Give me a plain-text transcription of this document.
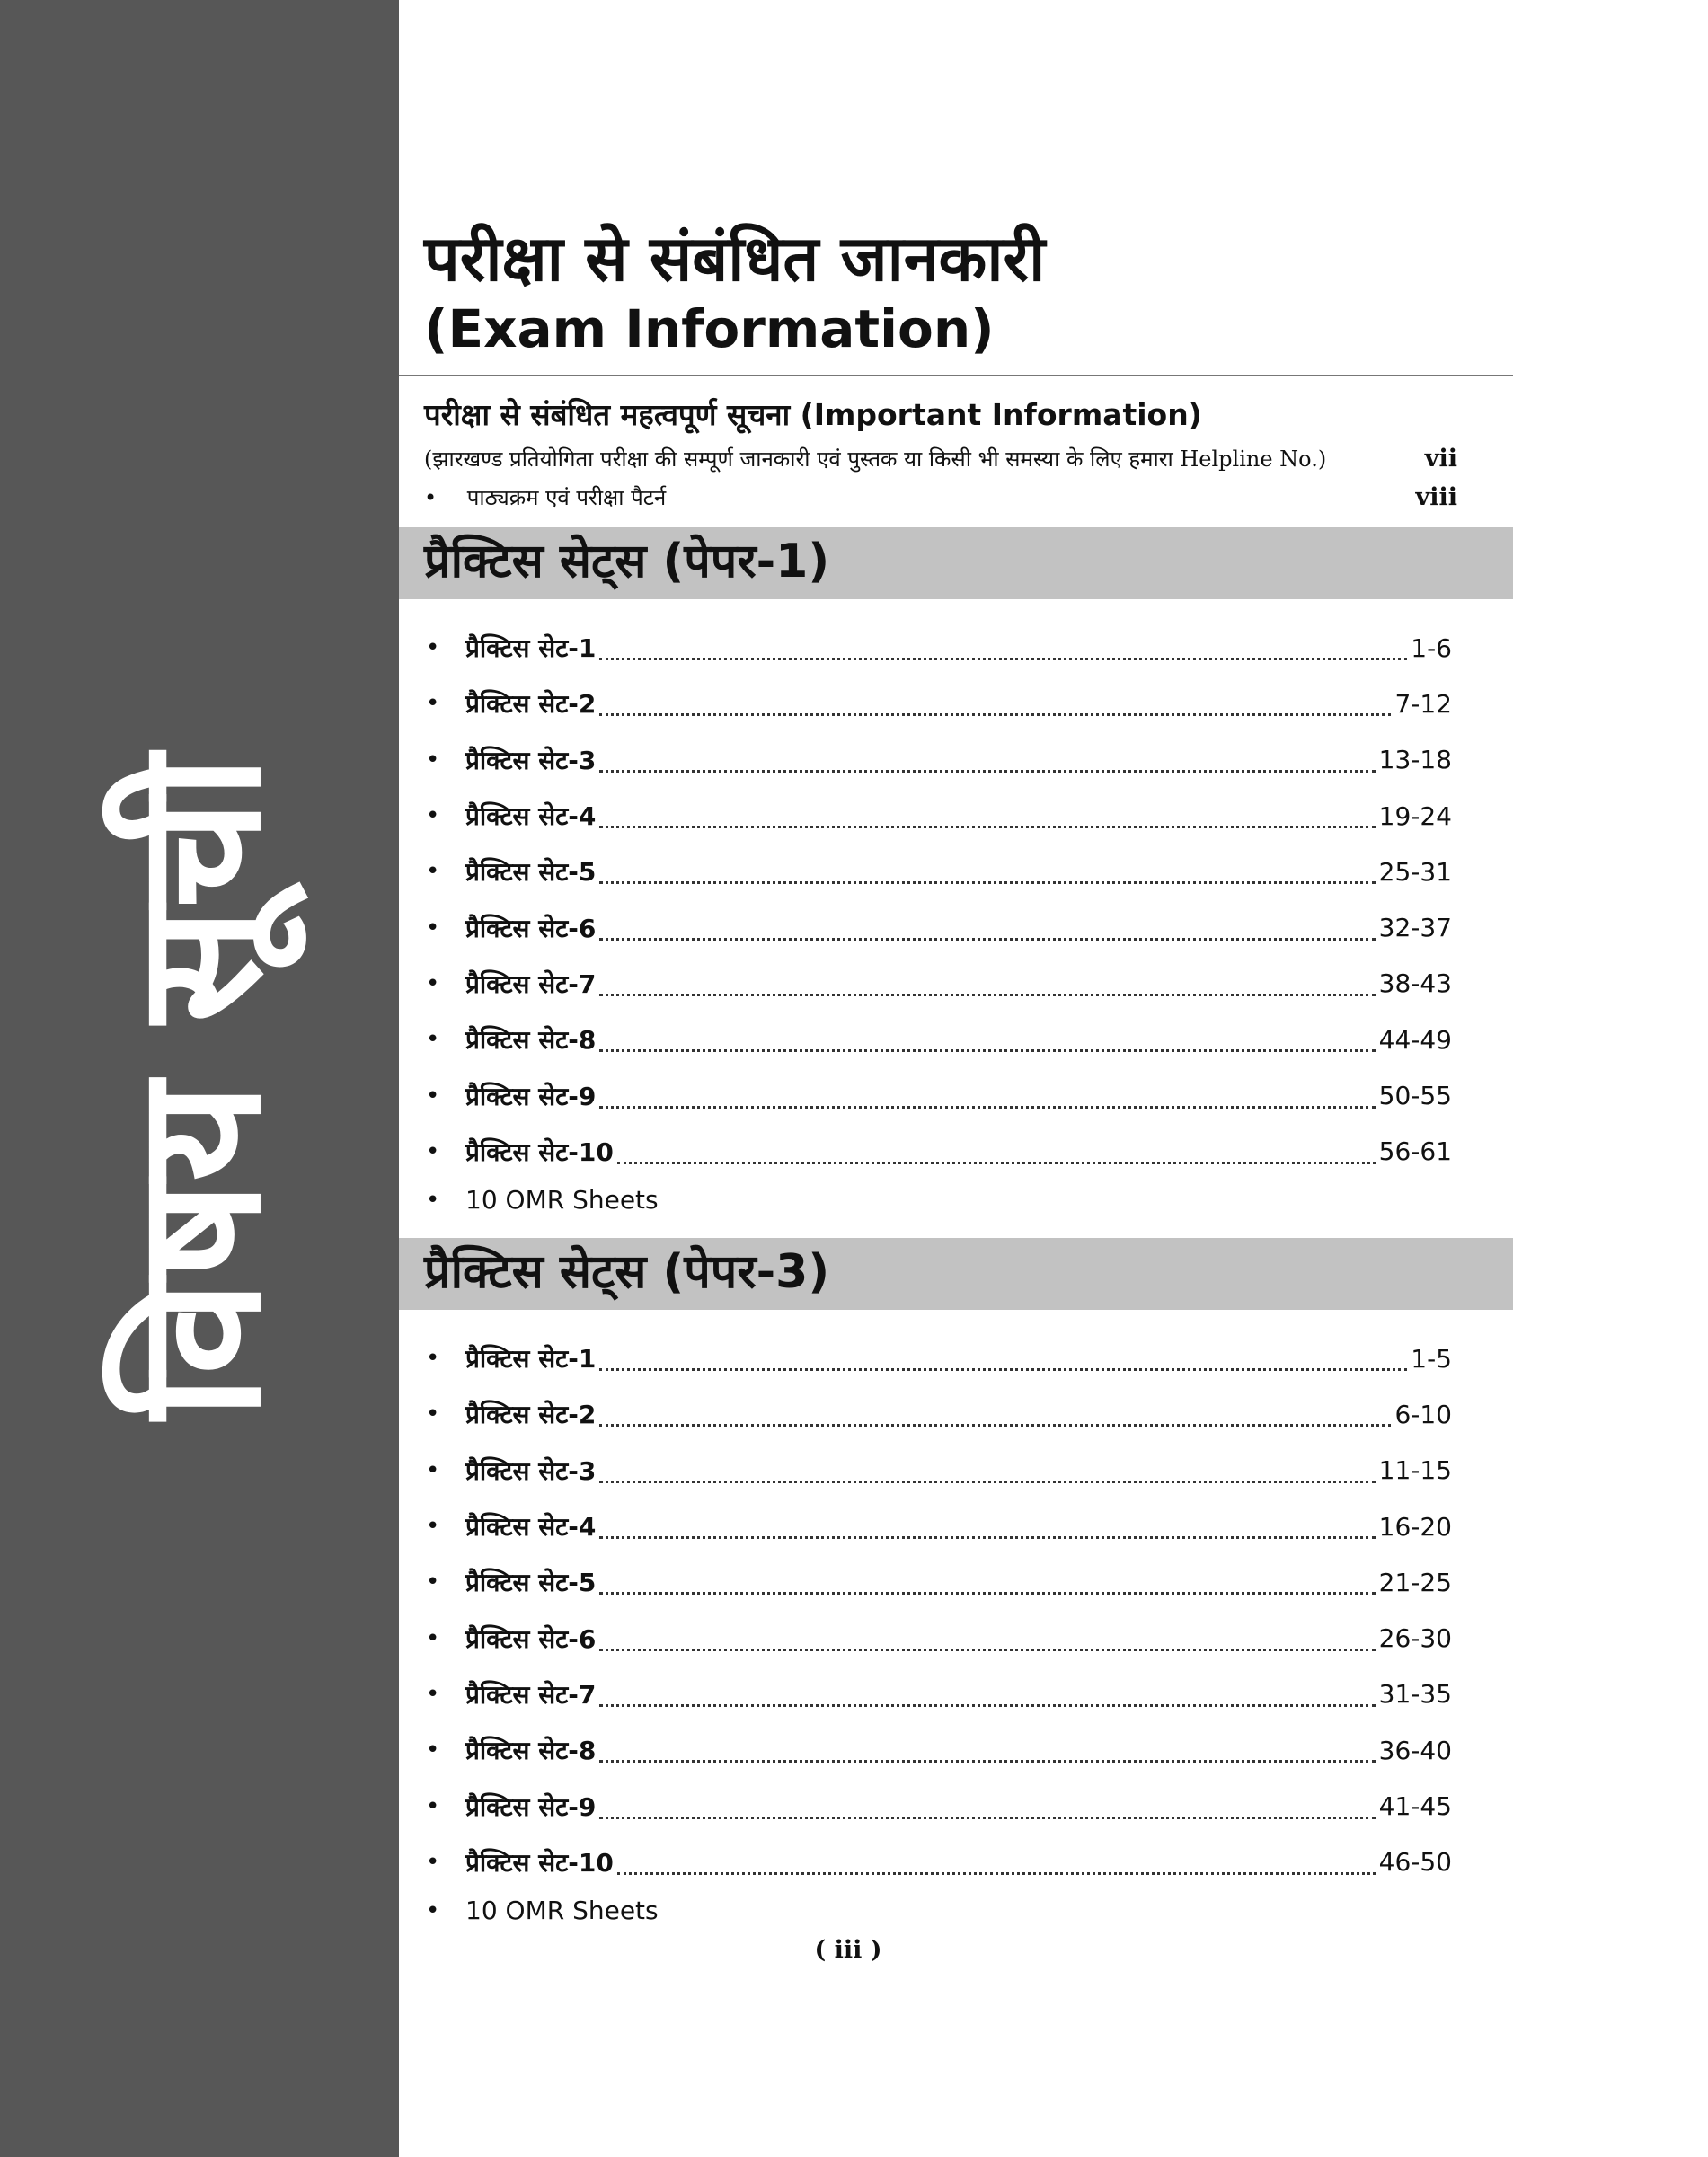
विषय सूची
परीक्षा से संबंधित जानकारी
(Exam Information)
परीक्षा से संबंधित महत्वपूर्ण सूचना (Important Information)
(झारखण्ड प्रतियोगिता परीक्षा की सम्पूर्ण जानकारी एवं पुस्तक या किसी भी समस्या के लिए हमारा Helpline No.)	vii
• पाठ्यक्रम एवं परीक्षा पैटर्न	viii
प्रैक्टिस सेट्स (पेपर-1)
•	प्रैक्टिस सेट-1	1-6
•	प्रैक्टिस सेट-2	7-12
•	प्रैक्टिस सेट-3	13-18
•	प्रैक्टिस सेट-4	19-24
•	प्रैक्टिस सेट-5	25-31
•	प्रैक्टिस सेट-6	32-37
•	प्रैक्टिस सेट-7	38-43
•	प्रैक्टिस सेट-8	44-49
•	प्रैक्टिस सेट-9	50-55
•	प्रैक्टिस सेट-10	56-61
•	10 OMR Sheets
प्रैक्टिस सेट्स (पेपर-3)
•	प्रैक्टिस सेट-1	1-5
•	प्रैक्टिस सेट-2	6-10
•	प्रैक्टिस सेट-3	11-15
•	प्रैक्टिस सेट-4	16-20
•	प्रैक्टिस सेट-5	21-25
•	प्रैक्टिस सेट-6	26-30
•	प्रैक्टिस सेट-7	31-35
•	प्रैक्टिस सेट-8	36-40
•	प्रैक्टिस सेट-9	41-45
•	प्रैक्टिस सेट-10	46-50
•	10 OMR Sheets
( iii )
